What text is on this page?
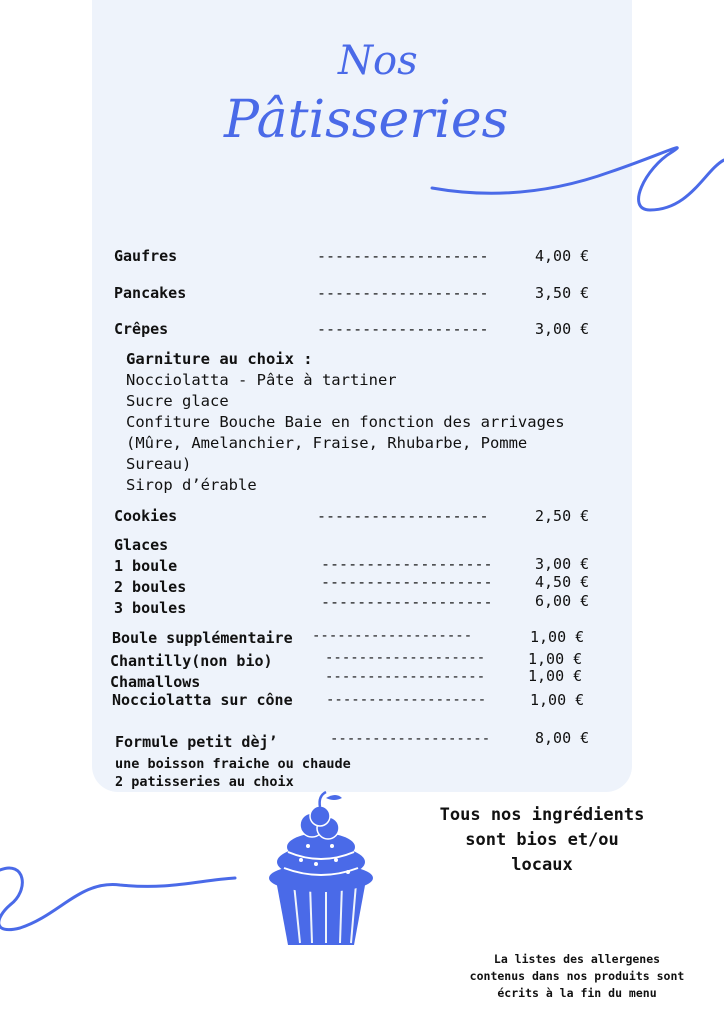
Nos
Pâtisseries
Gaufres	-------------------	4,00 €
Pancakes	-------------------	3,50 €
Crêpes	-------------------	3,00 €
Garniture au choix :
Nocciolatta - Pâte à tartiner
Sucre glace
Confiture Bouche Baie en fonction des arrivages
(Mûre, Amelanchier, Fraise, Rhubarbe, Pomme
Sureau)
Sirop d’érable
Cookies	-------------------	2,50 €
Glaces
1 boule	-------------------	3,00 €
2 boules	-------------------	4,50 €
3 boules	-------------------	6,00 €
Boule supplémentaire -------------------	1,00 €
Chantilly(non bio)	-------------------	1,00 €
Chamallows	-------------------	1,00 €
Nocciolatta sur cône -------------------	1,00 €
Formule petit dèj’	-------------------	8,00 €
une boisson fraiche ou chaude
2 patisseries au choix
Tous nos ingrédients
sont bios et/ou
locaux
La listes des allergenes
contenus dans nos produits sont
écrits à la fin du menu
